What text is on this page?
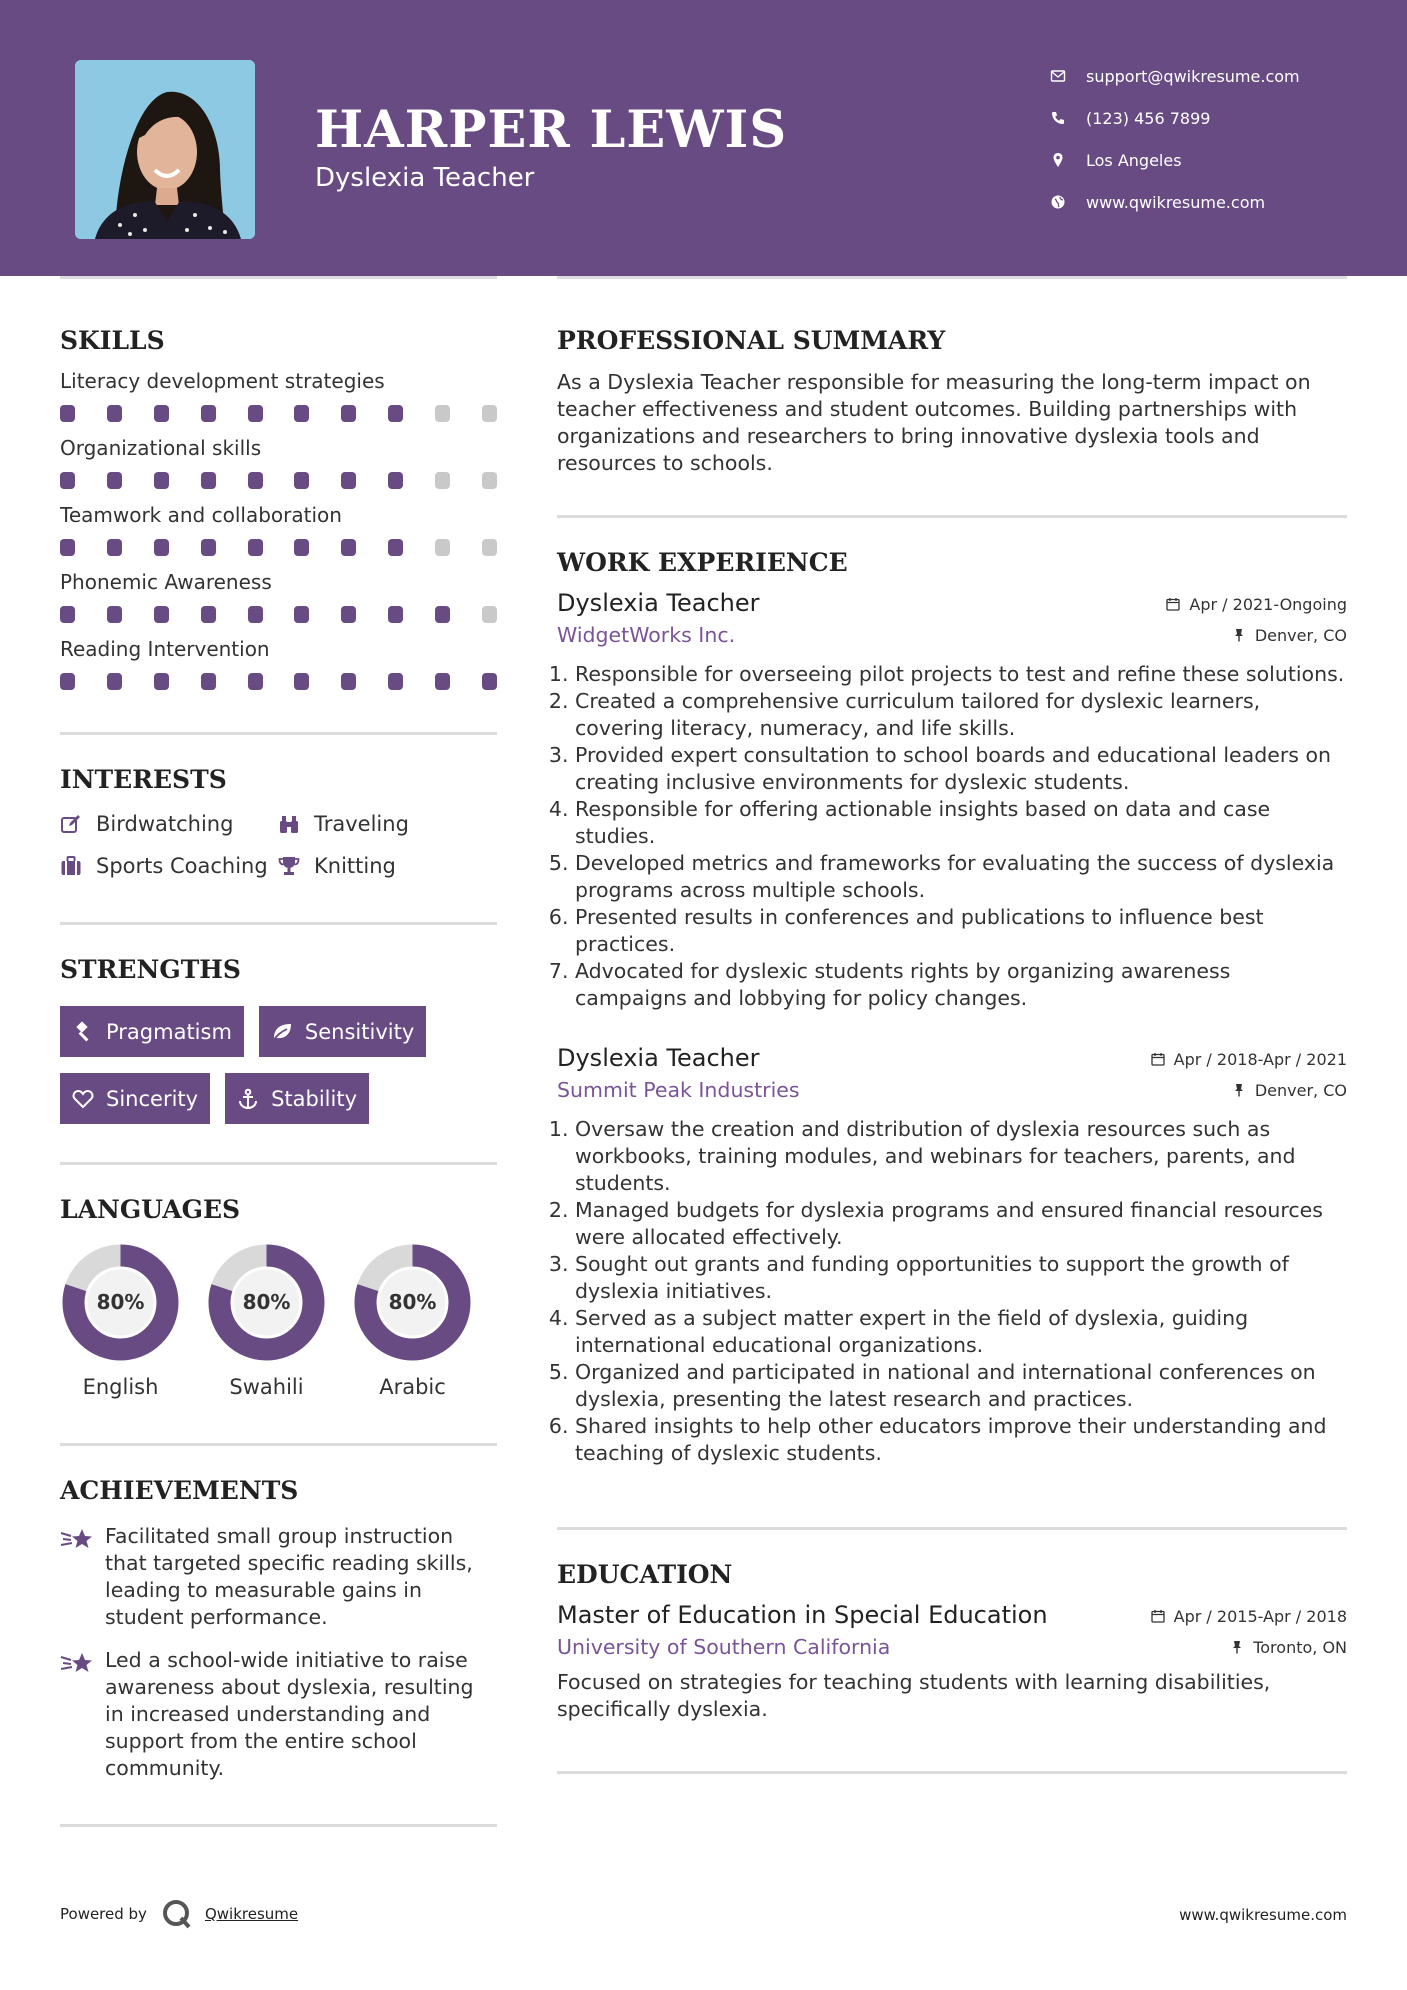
HARPER LEWIS
Dyslexia Teacher
support@qwikresume.com
(123) 456 7899
Los Angeles
www.qwikresume.com
SKILLS
Literacy development strategies
Organizational skills
Teamwork and collaboration
Phonemic Awareness
Reading Intervention
INTERESTS
Birdwatching	Traveling
Sports Coaching Knitting
STRENGTHS
Pragmatism	Sensitivity
Sincerity	Stability
LANGUAGES
80%
English
80%
Swahili
80%
Arabic
ACHIEVEMENTS
Facilitated small group instruction that targeted specific reading skills, leading to measurable gains in student performance.
Led a school-wide initiative to raise awareness about dyslexia, resulting in increased understanding and support from the entire school community.
PROFESSIONAL SUMMARY
As a Dyslexia Teacher responsible for measuring the long-term impact on teacher effectiveness and student outcomes. Building partnerships with organizations and researchers to bring innovative dyslexia tools and resources to schools.
WORK EXPERIENCE
Dyslexia Teacher	Apr / 2021-Ongoing
WidgetWorks Inc.	Denver, CO
1. Responsible for overseeing pilot projects to test and refine these solutions.
2. Created a comprehensive curriculum tailored for dyslexic learners, covering literacy, numeracy, and life skills.
3. Provided expert consultation to school boards and educational leaders on creating inclusive environments for dyslexic students.
4. Responsible for offering actionable insights based on data and case studies.
5. Developed metrics and frameworks for evaluating the success of dyslexia programs across multiple schools.
6. Presented results in conferences and publications to influence best practices.
7. Advocated for dyslexic students rights by organizing awareness campaigns and lobbying for policy changes.
Dyslexia Teacher	Apr / 2018-Apr / 2021
Summit Peak Industries	Denver, CO
1. Oversaw the creation and distribution of dyslexia resources such as workbooks, training modules, and webinars for teachers, parents, and students.
2. Managed budgets for dyslexia programs and ensured financial resources were allocated effectively.
3. Sought out grants and funding opportunities to support the growth of dyslexia initiatives.
4. Served as a subject matter expert in the field of dyslexia, guiding international educational organizations.
5. Organized and participated in national and international conferences on dyslexia, presenting the latest research and practices.
6. Shared insights to help other educators improve their understanding and teaching of dyslexic students.
EDUCATION
Master of Education in Special Education	Apr / 2015-Apr / 2018
University of Southern California	Toronto, ON
Focused on strategies for teaching students with learning disabilities, specifically dyslexia.
Powered by	Qwikresume	www.qwikresume.com
